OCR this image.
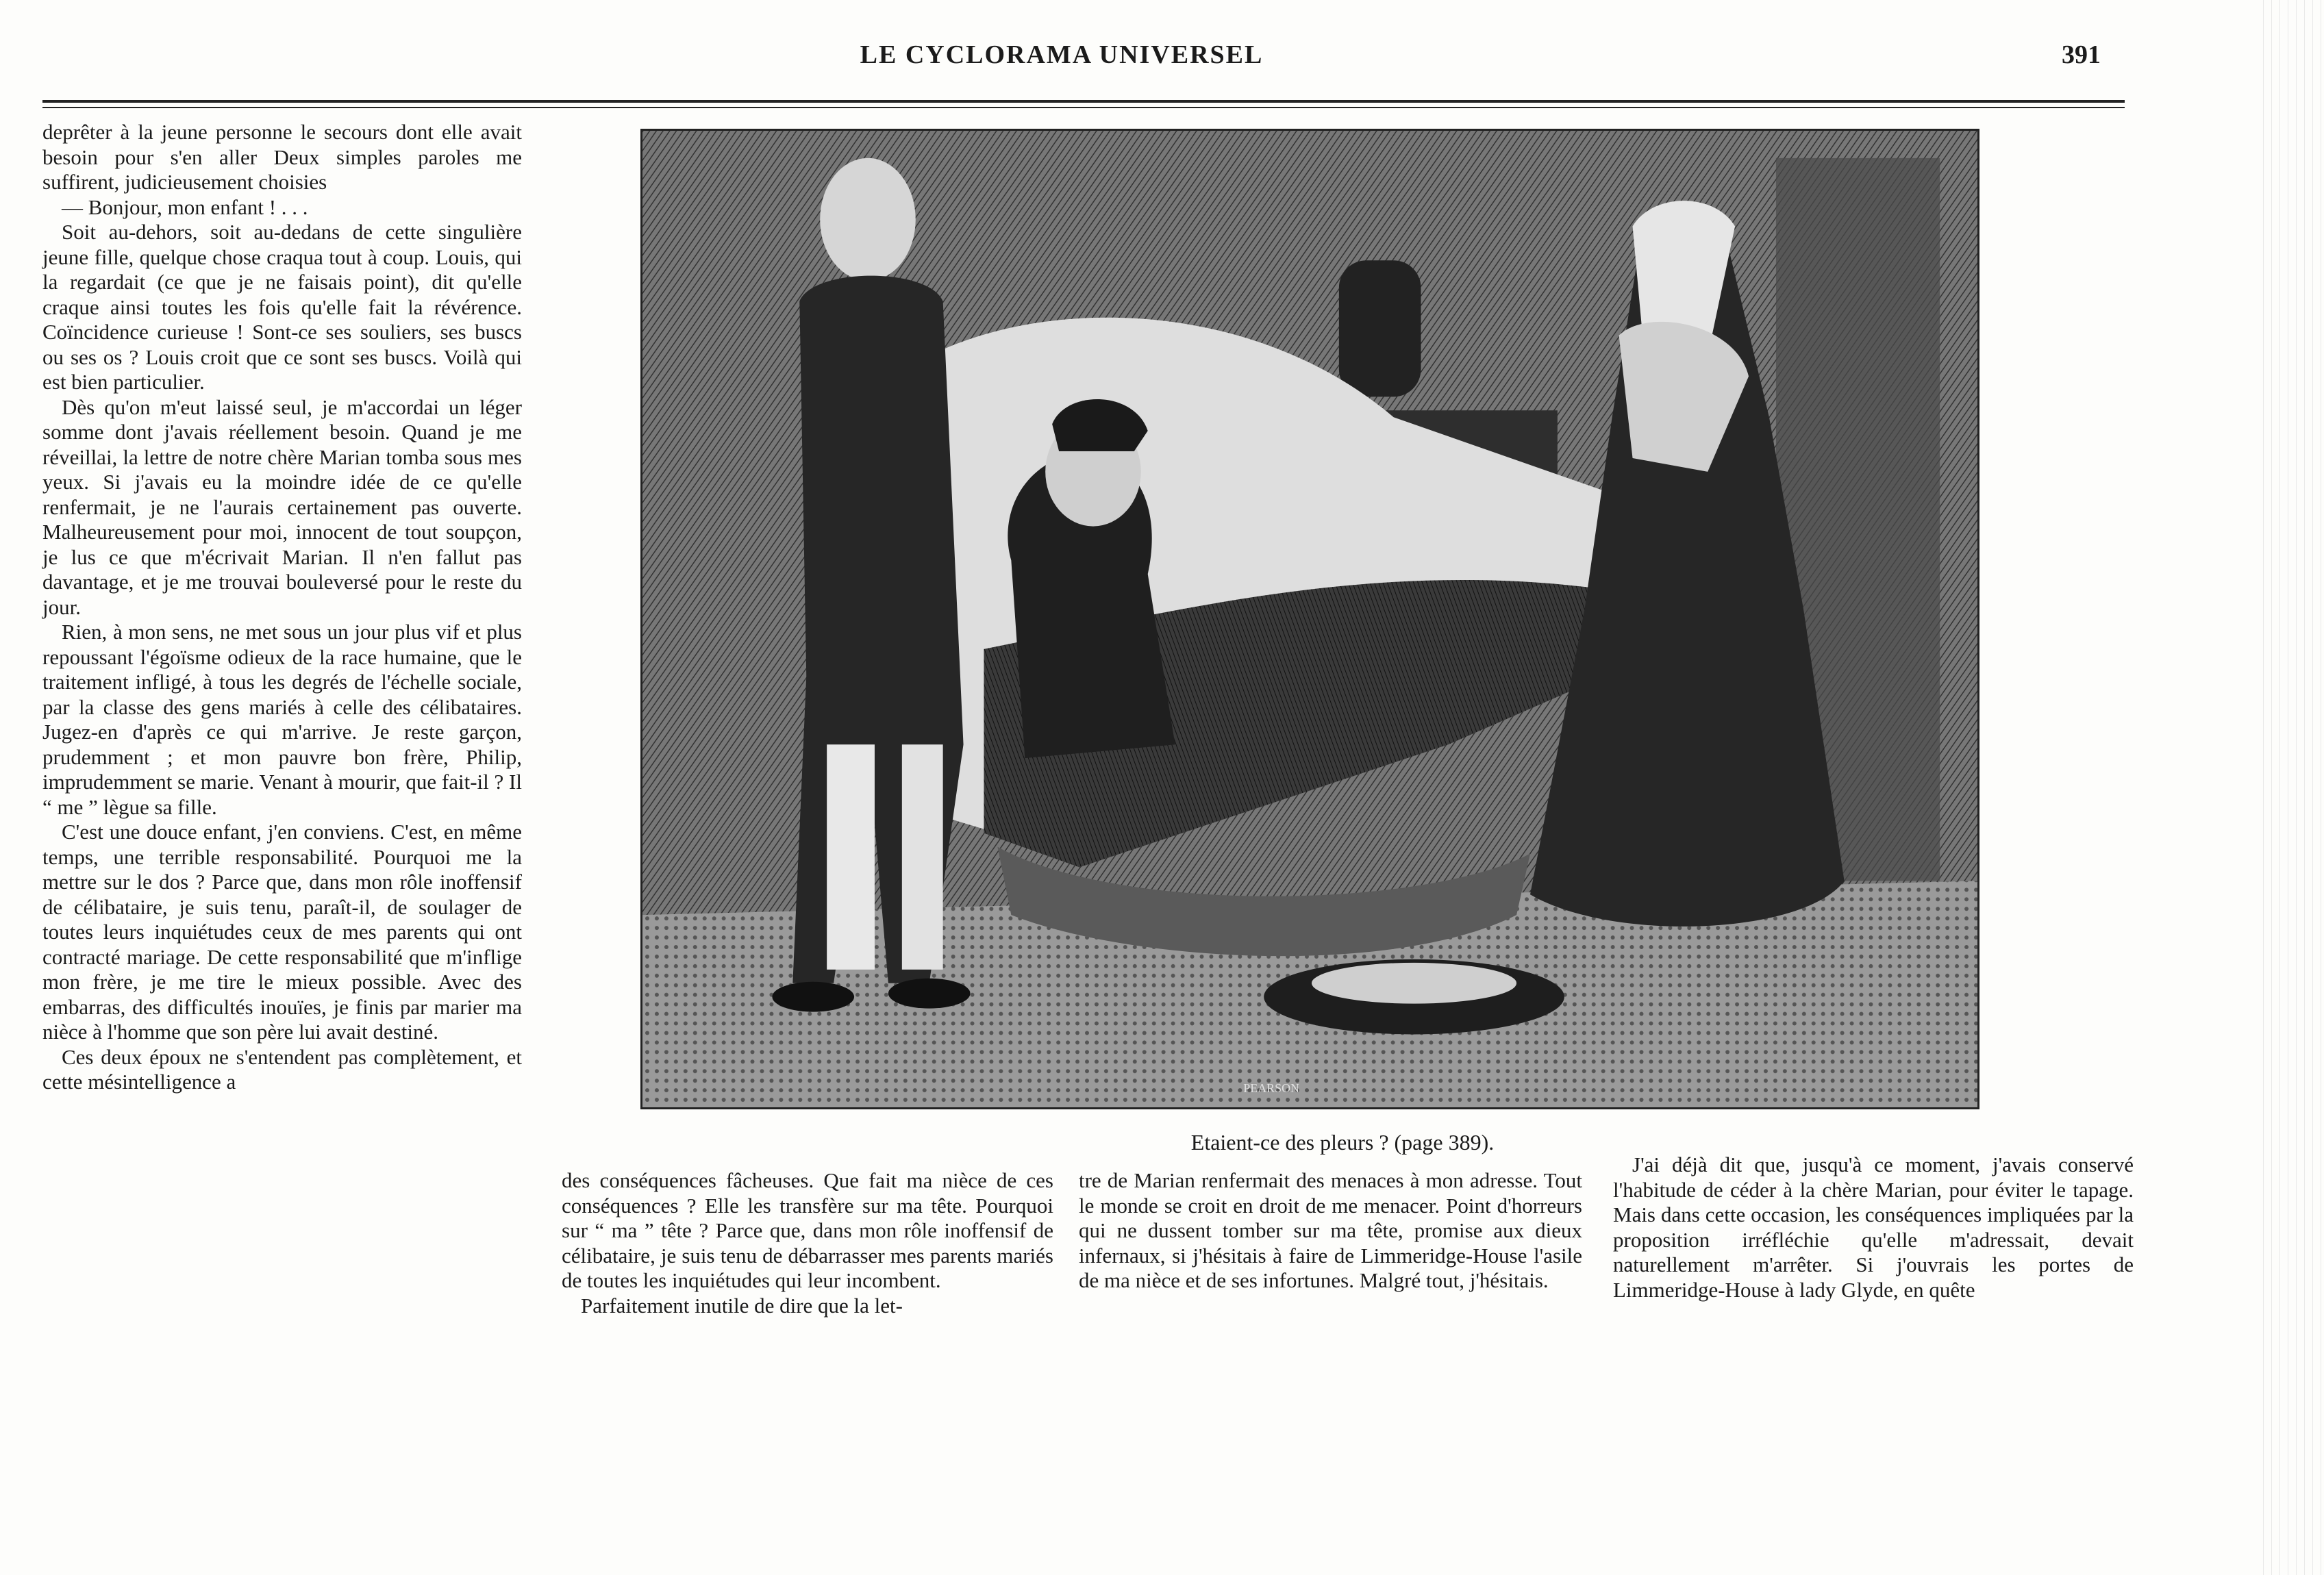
LE CYCLORAMA UNIVERSEL	391

deprêter à la jeune personne le secours dont elle avait besoin pour s'en aller Deux simples paroles me suffirent, judicieusement choisies

— Bonjour, mon enfant ! . . .

Soit au-dehors, soit au-dedans de cette singulière jeune fille, quelque chose craqua tout à coup. Louis, qui la regardait (ce que je ne faisais point), dit qu'elle craque ainsi toutes les fois qu'elle fait la révérence. Coïncidence curieuse ! Sont-ce ses souliers, ses buscs ou ses os ? Louis croit que ce sont ses buscs. Voilà qui est bien particulier.

Dès qu'on m'eut laissé seul, je m'accordai un léger somme dont j'avais réellement besoin. Quand je me réveillai, la lettre de notre chère Marian tomba sous mes yeux. Si j'avais eu la moindre idée de ce qu'elle renfermait, je ne l'aurais certainement pas ouverte. Malheureusement pour moi, innocent de tout soupçon, je lus ce que m'écrivait Marian. Il n'en fallut pas davantage, et je me trouvai bouleversé pour le reste du jour.

Rien, à mon sens, ne met sous un jour plus vif et plus repoussant l'égoïsme odieux de la race humaine, que le traitement infligé, à tous les degrés de l'échelle sociale, par la classe des gens mariés à celle des célibataires. Jugez-en d'après ce qui m'arrive. Je reste garçon, prudemment ; et mon pauvre bon frère, Philip, imprudemment se marie. Venant à mourir, que fait-il ? Il “ me ” lègue sa fille.

C'est une douce enfant, j'en conviens. C'est, en même temps, une terrible responsabilité. Pourquoi me la mettre sur le dos ? Parce que, dans mon rôle inoffensif de célibataire, je suis tenu, paraît-il, de soulager de toutes leurs inquiétudes ceux de mes parents qui ont contracté mariage. De cette responsabilité que m'inflige mon frère, je me tire le mieux possible. Avec des embarras, des difficultés inouïes, je finis par marier ma nièce à l'homme que son père lui avait destiné.

Ces deux époux ne s'entendent pas complètement, et cette mésintelligence a	PEARSON
Etaient-ce des pleurs ? (page 389).

des conséquences fâcheuses. Que fait ma nièce de ces conséquences ? Elle les transfère sur ma tête. Pourquoi sur “ ma ” tête ? Parce que, dans mon rôle inoffensif de célibataire, je suis tenu de débarrasser mes parents mariés de toutes les inquiétudes qui leur incombent.

Parfaitement inutile de dire que la let-

tre de Marian renfermait des menaces à mon adresse. Tout le monde se croit en droit de me menacer. Point d'horreurs qui ne dussent tomber sur ma tête, promise aux dieux infernaux, si j'hésitais à faire de Limmeridge-House l'asile de ma nièce et de ses infortunes. Malgré tout, j'hésitais.

J'ai déjà dit que, jusqu'à ce moment, j'avais conservé l'habitude de céder à la chère Marian, pour éviter le tapage. Mais dans cette occasion, les conséquences impliquées par la proposition irréfléchie qu'elle m'adressait, devait naturellement m'arrêter. Si j'ouvrais les portes de Limmeridge-House à lady Glyde, en quête
